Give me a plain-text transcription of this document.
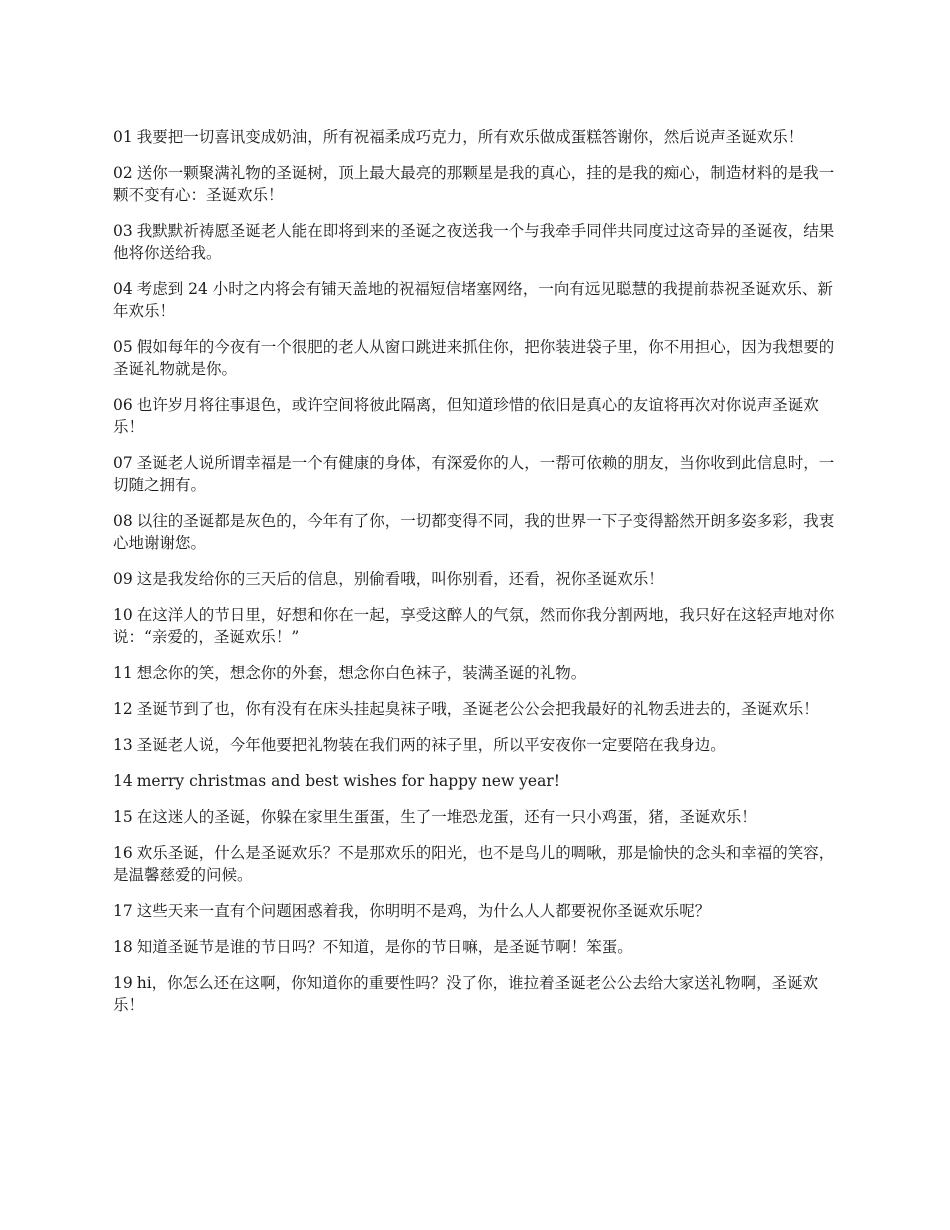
01 我要把一切喜讯变成奶油，所有祝福柔成巧克力，所有欢乐做成蛋糕答谢你，然后说声圣诞欢乐！

02 送你一颗聚满礼物的圣诞树，顶上最大最亮的那颗星是我的真心，挂的是我的痴心，制造材料的是我一颗不变有心：圣诞欢乐！

03 我默默祈祷愿圣诞老人能在即将到来的圣诞之夜送我一个与我牵手同伴共同度过这奇异的圣诞夜，结果他将你送给我。

04 考虑到 24 小时之内将会有铺天盖地的祝福短信堵塞网络，一向有远见聪慧的我提前恭祝圣诞欢乐、新年欢乐！

05 假如每年的今夜有一个很肥的老人从窗口跳进来抓住你，把你装进袋子里，你不用担心，因为我想要的圣诞礼物就是你。

06 也许岁月将往事退色，或许空间将彼此隔离，但知道珍惜的依旧是真心的友谊将再次对你说声圣诞欢乐！

07 圣诞老人说所谓幸福是一个有健康的身体，有深爱你的人，一帮可依赖的朋友，当你收到此信息时，一切随之拥有。

08 以往的圣诞都是灰色的，今年有了你，一切都变得不同，我的世界一下子变得豁然开朗多姿多彩，我衷心地谢谢您。

09 这是我发给你的三天后的信息，别偷看哦，叫你别看，还看，祝你圣诞欢乐！

10 在这洋人的节日里，好想和你在一起，享受这醉人的气氛，然而你我分割两地，我只好在这轻声地对你说：“亲爱的，圣诞欢乐！”

11 想念你的笑，想念你的外套，想念你白色袜子，装满圣诞的礼物。

12 圣诞节到了也，你有没有在床头挂起臭袜子哦，圣诞老公公会把我最好的礼物丢进去的，圣诞欢乐！

13 圣诞老人说，今年他要把礼物装在我们两的袜子里，所以平安夜你一定要陪在我身边。

14 merry christmas and best wishes for happy new year!

15 在这迷人的圣诞，你躲在家里生蛋蛋，生了一堆恐龙蛋，还有一只小鸡蛋，猪，圣诞欢乐！

16 欢乐圣诞，什么是圣诞欢乐？不是那欢乐的阳光，也不是鸟儿的啁啾，那是愉快的念头和幸福的笑容，是温馨慈爱的问候。

17 这些天来一直有个问题困惑着我，你明明不是鸡，为什么人人都要祝你圣诞欢乐呢？

18 知道圣诞节是谁的节日吗？不知道，是你的节日嘛，是圣诞节啊！笨蛋。

19 hi，你怎么还在这啊，你知道你的重要性吗？没了你，谁拉着圣诞老公公去给大家送礼物啊，圣诞欢乐！
